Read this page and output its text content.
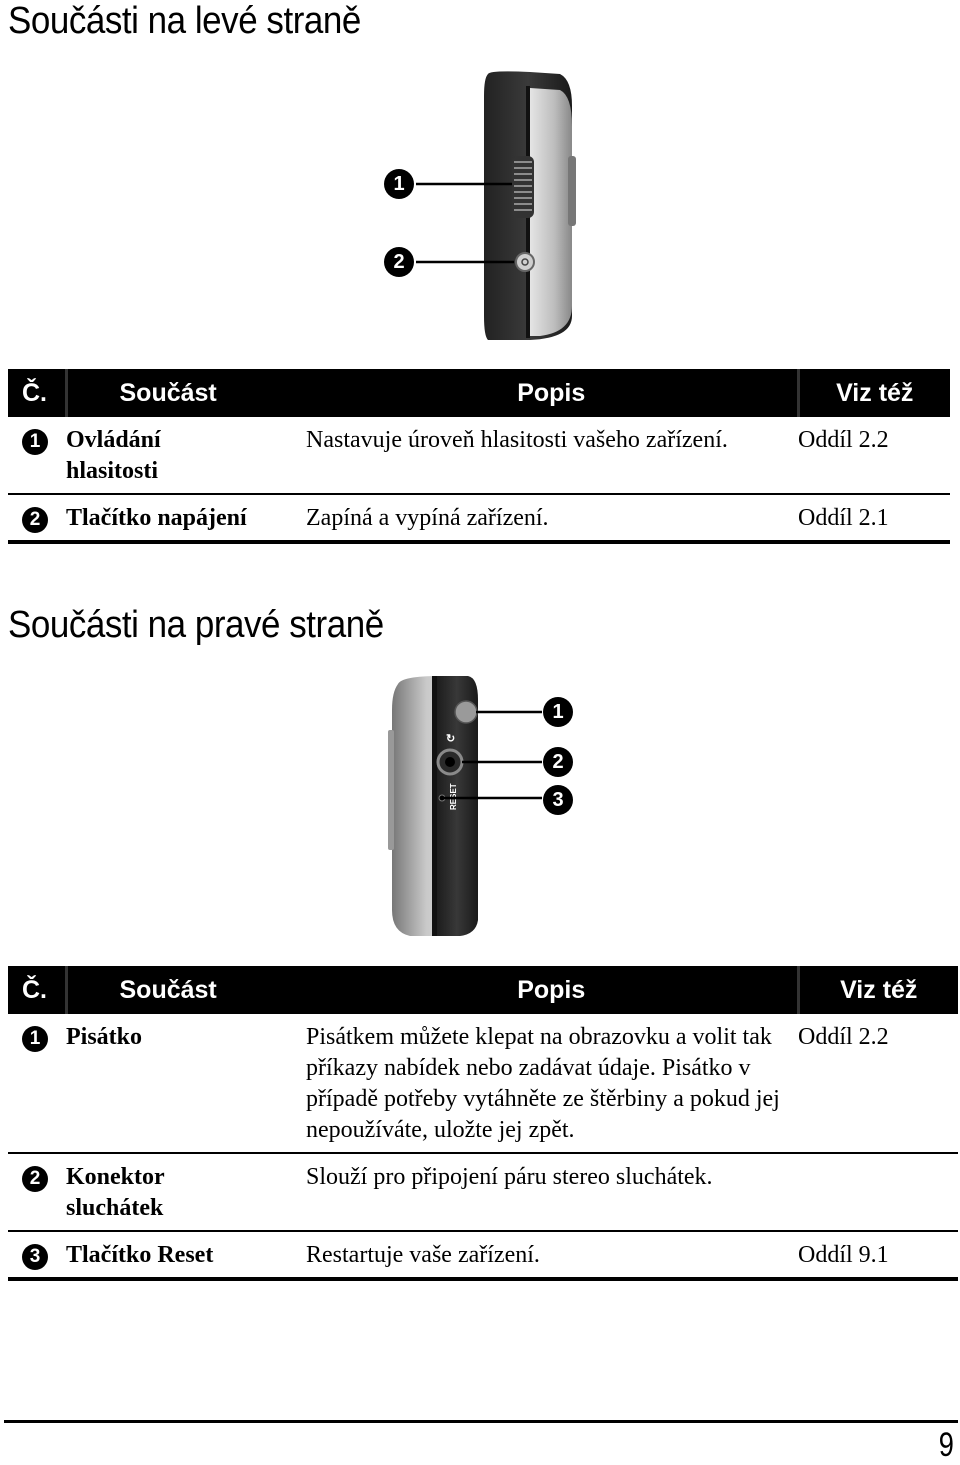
Součásti na levé straně
1
2
Č.	Součást	Popis	Viz též
1	Ovládání hlasitosti	Nastavuje úroveň hlasitosti vašeho zařízení.	Oddíl 2.2
2	Tlačítko napájení	Zapíná a vypíná zařízení.	Oddíl 2.1
Součásti na pravé straně
↻
RESET
1
2
3
Č.	Součást	Popis	Viz též
1	Pisátko	Pisátkem můžete klepat na obrazovku a volit tak příkazy nabídek nebo zadávat údaje. Pisátko v případě potřeby vytáhněte ze štěrbiny a pokud jej nepoužíváte, uložte jej zpět.	Oddíl 2.2
2	Konektor sluchátek	Slouží pro připojení páru stereo sluchátek.	
3	Tlačítko Reset	Restartuje vaše zařízení.	Oddíl 9.1
9
